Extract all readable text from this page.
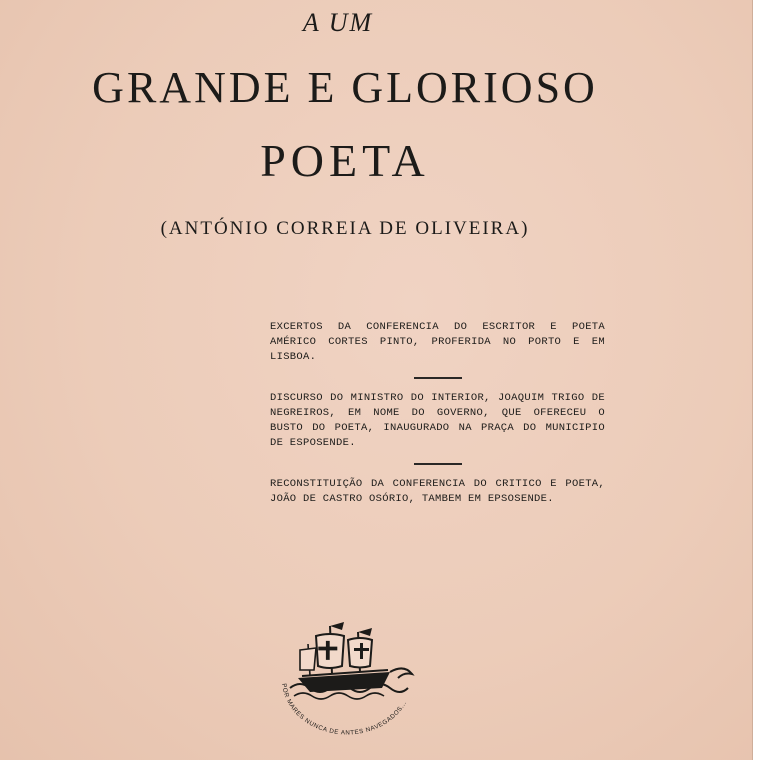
A UM
GRANDE E GLORIOSO
POETA
(ANTÓNIO CORREIA DE OLIVEIRA)

EXCERTOS DA CONFERENCIA DO ESCRITOR E POETA AMÉRICO CORTES PINTO, PROFERIDA NO PORTO E EM LISBOA.

DISCURSO DO MINISTRO DO INTERIOR, JOAQUIM TRIGO DE NEGREIROS, EM NOME DO GOVERNO, QUE OFERECEU O BUSTO DO POETA, INAUGURADO NA PRAÇA DO MUNICIPIO DE ESPOSENDE.

RECONSTITUIÇÃO DA CONFERENCIA DO CRITICO E POETA, JOÃO DE CASTRO OSÓRIO, TAMBEM EM EPSOSENDE.

POR MARES NUNCA DE ANTES NAVEGADOS...
